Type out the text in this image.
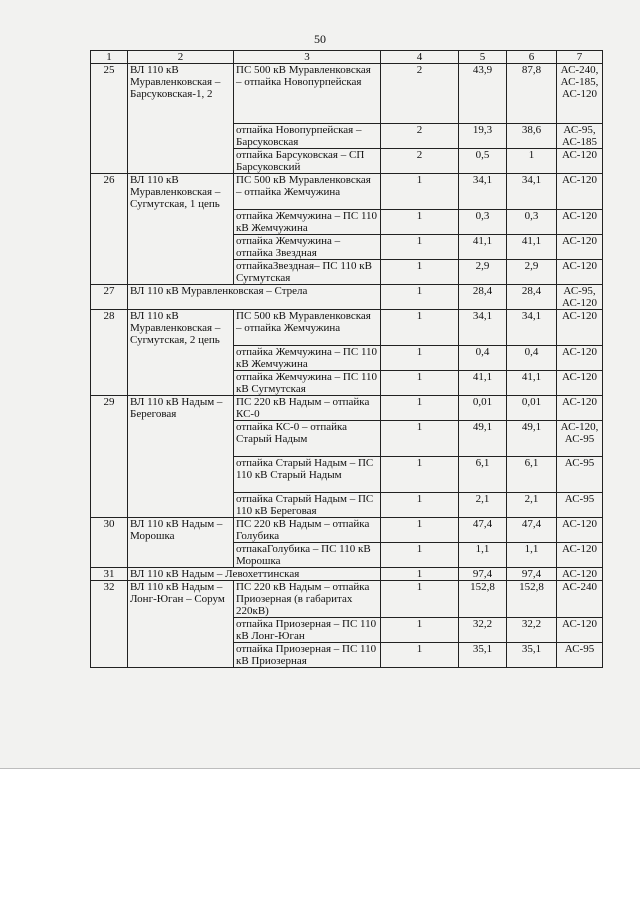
50
1	2	3	4	5	6	7
25	ВЛ 110 кВ Муравленковская –Барсуковская-1, 2	ПС 500 кВ Муравленковская – отпайка Новопурпейская	2	43,9	87,8	АС-240, АС-185, АС-120
		отпайка Новопурпейская – Барсуковская	2	19,3	38,6	АС-95, АС-185
		отпайка Барсуковская – СП Барсуковский	2	0,5	1	АС-120
26	ВЛ 110 кВ Муравленковская – Сугмутская, 1 цепь	ПС 500 кВ Муравленковская – отпайка Жемчужина	1	34,1	34,1	АС-120
		отпайка Жемчужина – ПС 110 кВ Жемчужина	1	0,3	0,3	АС-120
		отпайка Жемчужина – отпайка Звездная	1	41,1	41,1	АС-120
		отпайкаЗвездная– ПС 110 кВ Сугмутская	1	2,9	2,9	АС-120
27	ВЛ 110 кВ Муравленковская – Стрела		1	28,4	28,4	АС-95, АС-120
28	ВЛ 110 кВ Муравленковская – Сугмутская, 2 цепь	ПС 500 кВ Муравленковская – отпайка Жемчужина	1	34,1	34,1	АС-120
		отпайка Жемчужина – ПС 110 кВ Жемчужина	1	0,4	0,4	АС-120
		отпайка Жемчужина – ПС 110 кВ Сугмутская	1	41,1	41,1	АС-120
29	ВЛ 110 кВ Надым – Береговая	ПС 220 кВ Надым – отпайка КС-0	1	0,01	0,01	АС-120
		отпайка КС-0 – отпайка Старый Надым	1	49,1	49,1	АС-120, АС-95
		отпайка Старый Надым – ПС 110 кВ Старый Надым	1	6,1	6,1	АС-95
		отпайка Старый Надым – ПС 110 кВ Береговая	1	2,1	2,1	АС-95
30	ВЛ 110 кВ Надым – Морошка	ПС 220 кВ Надым – отпайка Голубика	1	47,4	47,4	АС-120
		отпакаГолубика – ПС 110 кВ Морошка	1	1,1	1,1	АС-120
31	ВЛ 110 кВ Надым – Левохеттинская		1	97,4	97,4	АС-120
32	ВЛ 110 кВ Надым – Лонг-Юган – Сорум	ПС 220 кВ Надым – отпайка Приозерная (в габаритах 220кВ)	1	152,8	152,8	АС-240
		отпайка Приозерная – ПС 110 кВ Лонг-Юган	1	32,2	32,2	АС-120
		отпайка Приозерная – ПС 110 кВ Приозерная	1	35,1	35,1	АС-95
